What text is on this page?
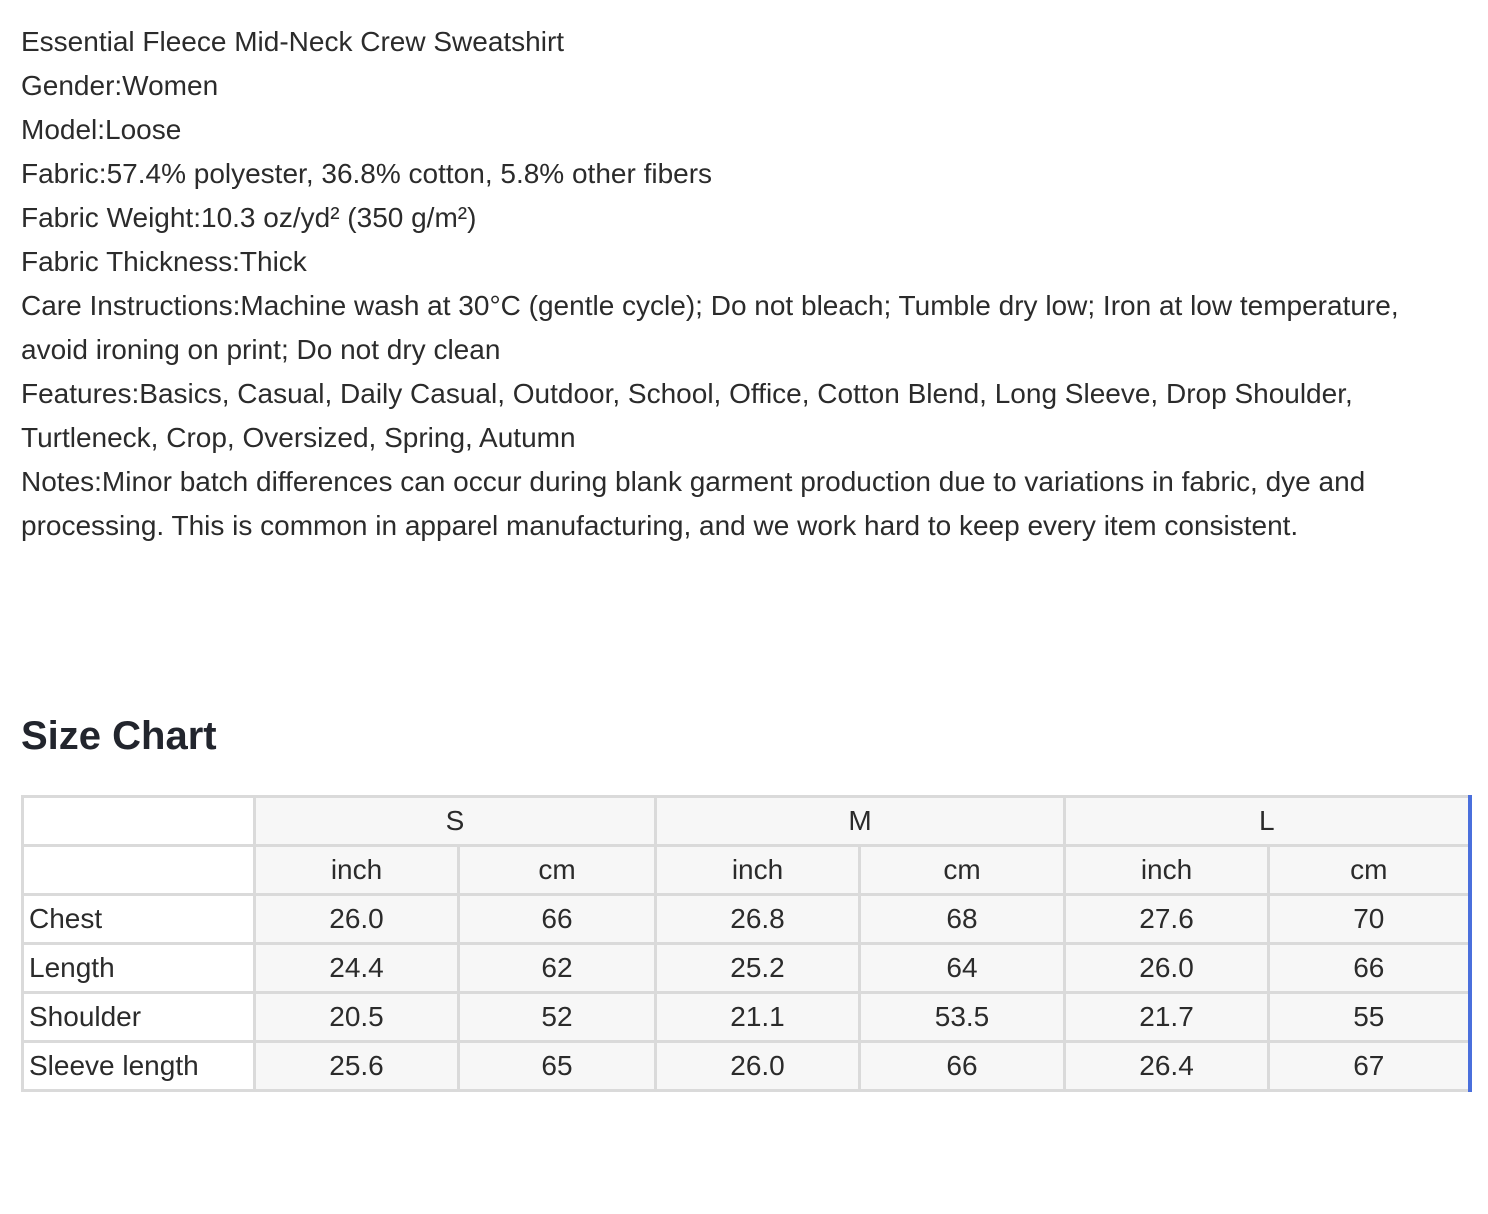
Essential Fleece Mid-Neck Crew Sweatshirt

Gender:Women

Model:Loose

Fabric:57.4% polyester, 36.8% cotton, 5.8% other fibers

Fabric Weight:10.3 oz/yd² (350 g/m²)

Fabric Thickness:Thick

Care Instructions:Machine wash at 30°C (gentle cycle); Do not bleach; Tumble dry low; Iron at low temperature, avoid ironing on print; Do not dry clean

Features:Basics, Casual, Daily Casual, Outdoor, School, Office, Cotton Blend, Long Sleeve, Drop Shoulder, Turtleneck, Crop, Oversized, Spring, Autumn

Notes:Minor batch differences can occur during blank garment production due to variations in fabric, dye and processing. This is common in apparel manufacturing, and we work hard to keep every item consistent.

Size Chart
	S		M		L	
	inch	cm	inch	cm	inch	cm
Chest	26.0	66	26.8	68	27.6	70
Length	24.4	62	25.2	64	26.0	66
Shoulder	20.5	52	21.1	53.5	21.7	55
Sleeve length	25.6	65	26.0	66	26.4	67
